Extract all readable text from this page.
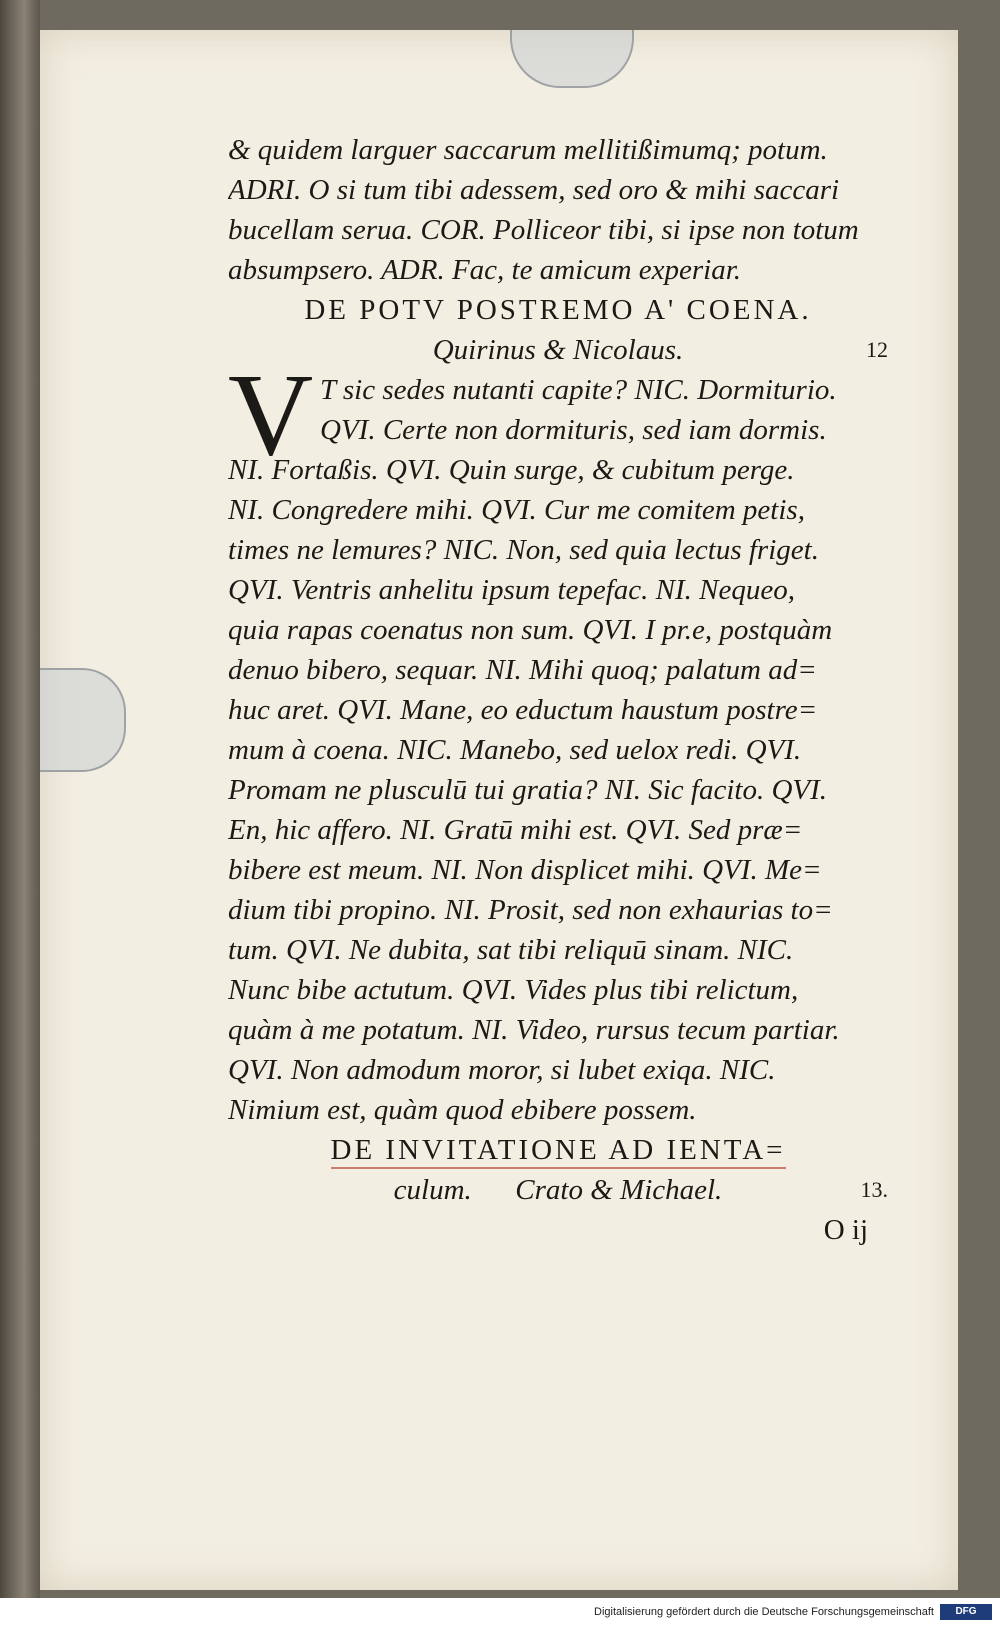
& quidem larguer saccarum mellitißimumq; potum.
ADRI. O si tum tibi adessem, sed oro & mihi saccari
bucellam serua. COR. Polliceor tibi, si ipse non totum
absumpsero. ADR. Fac, te amicum experiar.
DE POTV POSTREMO A' COENA.
Quirinus & Nicolaus.	12
V T sic sedes nutanti capite? NIC. Dormiturio.
QVI. Certe non dormituris, sed iam dormis.
NI. Fortaßis. QVI. Quin surge, & cubitum perge.
NI. Congredere mihi. QVI. Cur me comitem petis,
times ne lemures? NIC. Non, sed quia lectus friget.
QVI. Ventris anhelitu ipsum tepefac. NI. Nequeo,
quia rapas coenatus non sum. QVI. I pr.e, postquàm
denuo bibero, sequar. NI. Mihi quoq; palatum ad=
huc aret. QVI. Mane, eo eductum haustum postre=
mum à coena. NIC. Manebo, sed uelox redi. QVI.
Promam ne plusculū tui gratia? NI. Sic facito. QVI.
En, hic affero. NI. Gratū mihi est. QVI. Sed præ=
bibere est meum. NI. Non displicet mihi. QVI. Me=
dium tibi propino. NI. Prosit, sed non exhaurias to=
tum. QVI. Ne dubita, sat tibi reliquū sinam. NIC.
Nunc bibe actutum. QVI. Vides plus tibi relictum,
quàm à me potatum. NI. Video, rursus tecum partiar.
QVI. Non admodum moror, si lubet exiqa. NIC.
Nimium est, quàm quod ebibere possem.
DE INVITATIONE AD IENTA=
culum. Crato & Michael.	13.
O ij
Digitalisierung gefördert durch die Deutsche Forschungsgemeinschaft	DFG
